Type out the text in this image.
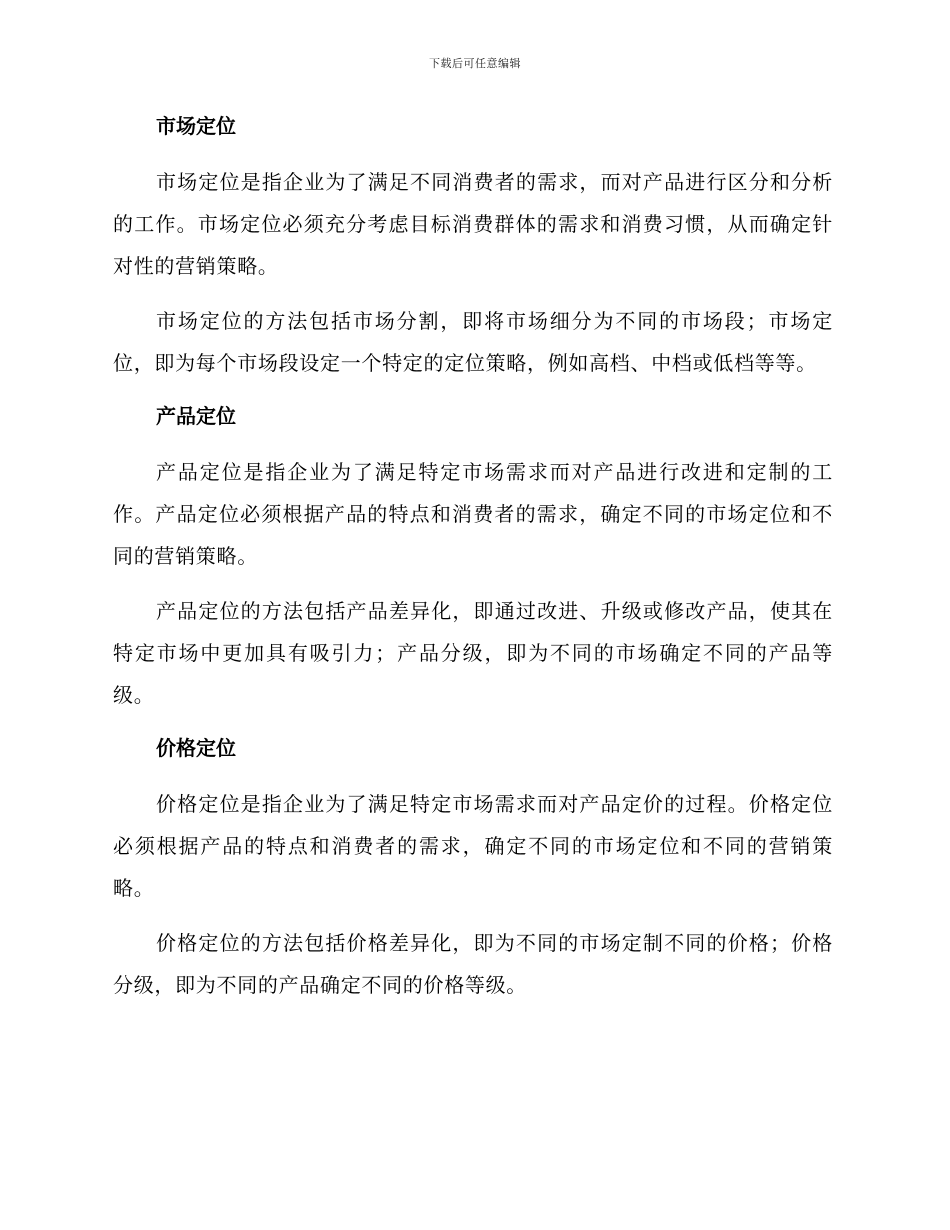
下载后可任意编辑
市场定位

市场定位是指企业为了满足不同消费者的需求，而对产品进行区分和分析的工作。市场定位必须充分考虑目标消费群体的需求和消费习惯，从而确定针对性的营销策略。

市场定位的方法包括市场分割，即将市场细分为不同的市场段；市场定位，即为每个市场段设定一个特定的定位策略，例如高档、中档或低档等等。

产品定位

产品定位是指企业为了满足特定市场需求而对产品进行改进和定制的工作。产品定位必须根据产品的特点和消费者的需求，确定不同的市场定位和不同的营销策略。

产品定位的方法包括产品差异化，即通过改进、升级或修改产品，使其在特定市场中更加具有吸引力；产品分级，即为不同的市场确定不同的产品等级。

价格定位

价格定位是指企业为了满足特定市场需求而对产品定价的过程。价格定位必须根据产品的特点和消费者的需求，确定不同的市场定位和不同的营销策略。

价格定位的方法包括价格差异化，即为不同的市场定制不同的价格；价格分级，即为不同的产品确定不同的价格等级。
